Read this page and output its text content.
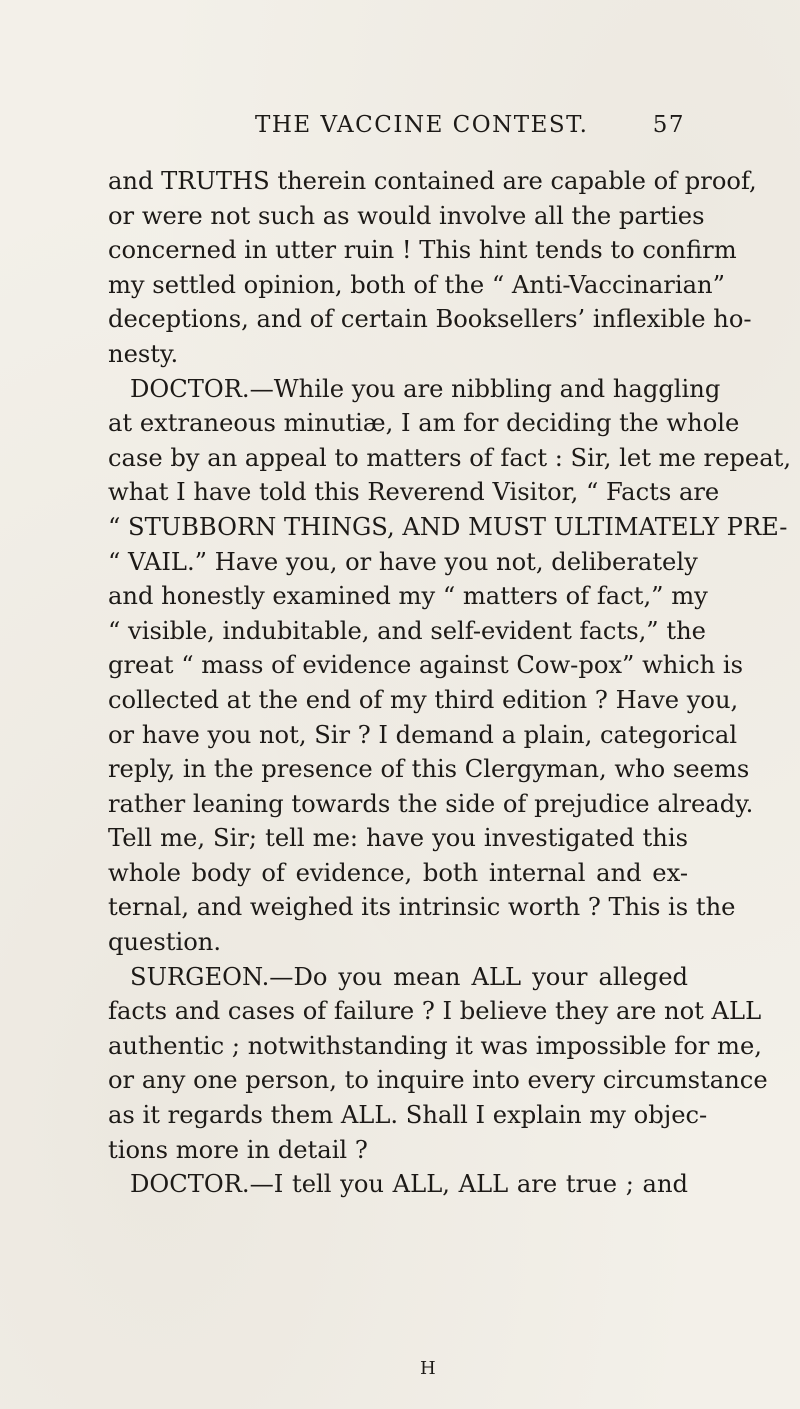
THE VACCINE CONTEST.	57
and TRUTHS therein contained are capable of proof,
or were not such as would involve all the parties
concerned in utter ruin ! This hint tends to confirm
my settled opinion, both of the “ Anti-Vaccinarian”
deceptions, and of certain Booksellers’ inflexible ho-
nesty.
DOCTOR.—While you are nibbling and haggling
at extraneous minutiæ, I am for deciding the whole
case by an appeal to matters of fact : Sir, let me repeat,
what I have told this Reverend Visitor, “ Facts are
“ STUBBORN THINGS, AND MUST ULTIMATELY PRE-
“ VAIL.” Have you, or have you not, deliberately
and honestly examined my “ matters of fact,” my
“ visible, indubitable, and self-evident facts,” the
great “ mass of evidence against Cow-pox” which is
collected at the end of my third edition ? Have you,
or have you not, Sir ? I demand a plain, categorical
reply, in the presence of this Clergyman, who seems
rather leaning towards the side of prejudice already.
Tell me, Sir; tell me: have you investigated this
whole body of evidence, both internal and ex-
ternal, and weighed its intrinsic worth ? This is the
question.
SURGEON.—Do you mean ALL your alleged
facts and cases of failure ? I believe they are not ALL
authentic ; notwithstanding it was impossible for me,
or any one person, to inquire into every circumstance
as it regards them ALL. Shall I explain my objec-
tions more in detail ?
DOCTOR.—I tell you ALL, ALL are true ; and
H
